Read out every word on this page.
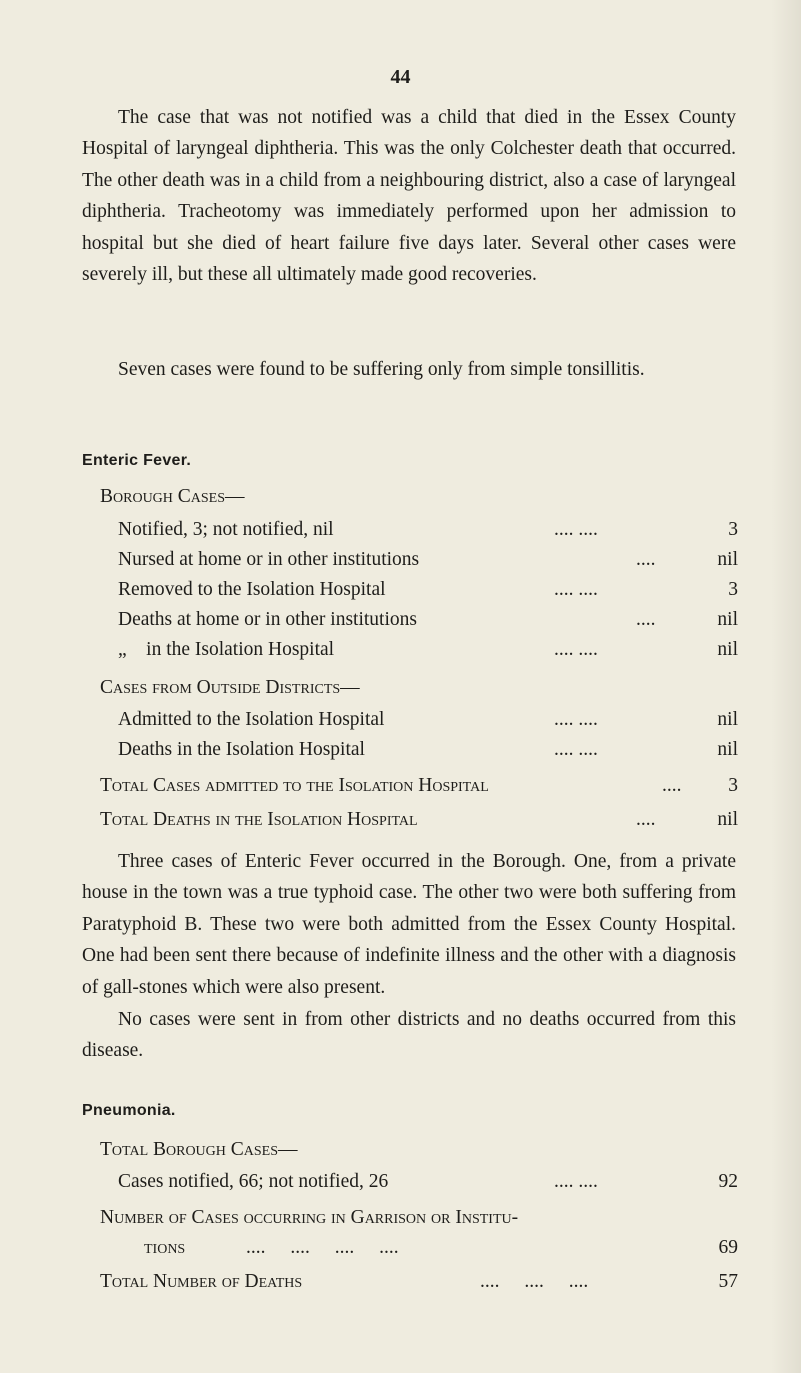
44

The case that was not notified was a child that died in the Essex County Hospital of laryngeal diphtheria. This was the only Colchester death that occurred. The other death was in a child from a neighbouring district, also a case of laryngeal diphtheria. Tracheotomy was immediately performed upon her admission to hospital but she died of heart failure five days later. Several other cases were severely ill, but these all ultimately made good recoveries.

Seven cases were found to be suffering only from simple tonsillitis.

Enteric Fever.
Borough Cases—
Notified, 3; not notified, nil	.... ....	3
Nursed at home or in other institutions	....	nil
Removed to the Isolation Hospital	.... ....	3
Deaths at home or in other institutions	....	nil
„    in the Isolation Hospital	.... ....	nil
Cases from Outside Districts—
Admitted to the Isolation Hospital	.... ....	nil
Deaths in the Isolation Hospital	.... ....	nil
Total Cases admitted to the Isolation Hospital	.... 3
Total Deaths in the Isolation Hospital	....	nil

Three cases of Enteric Fever occurred in the Borough. One, from a private house in the town was a true typhoid case. The other two were both suffering from Paratyphoid B. These two were both admitted from the Essex County Hospital. One had been sent there because of indefinite illness and the other with a diagnosis of gall-stones which were also present.

No cases were sent in from other districts and no deaths occurred from this disease.

Pneumonia.
Total Borough Cases—
Cases notified, 66; not notified, 26	.... ....	92
Number of Cases occurring in Garrison or Institu-
tions	.... .... .... ....	69
Total Number of Deaths	.... .... ....	57
